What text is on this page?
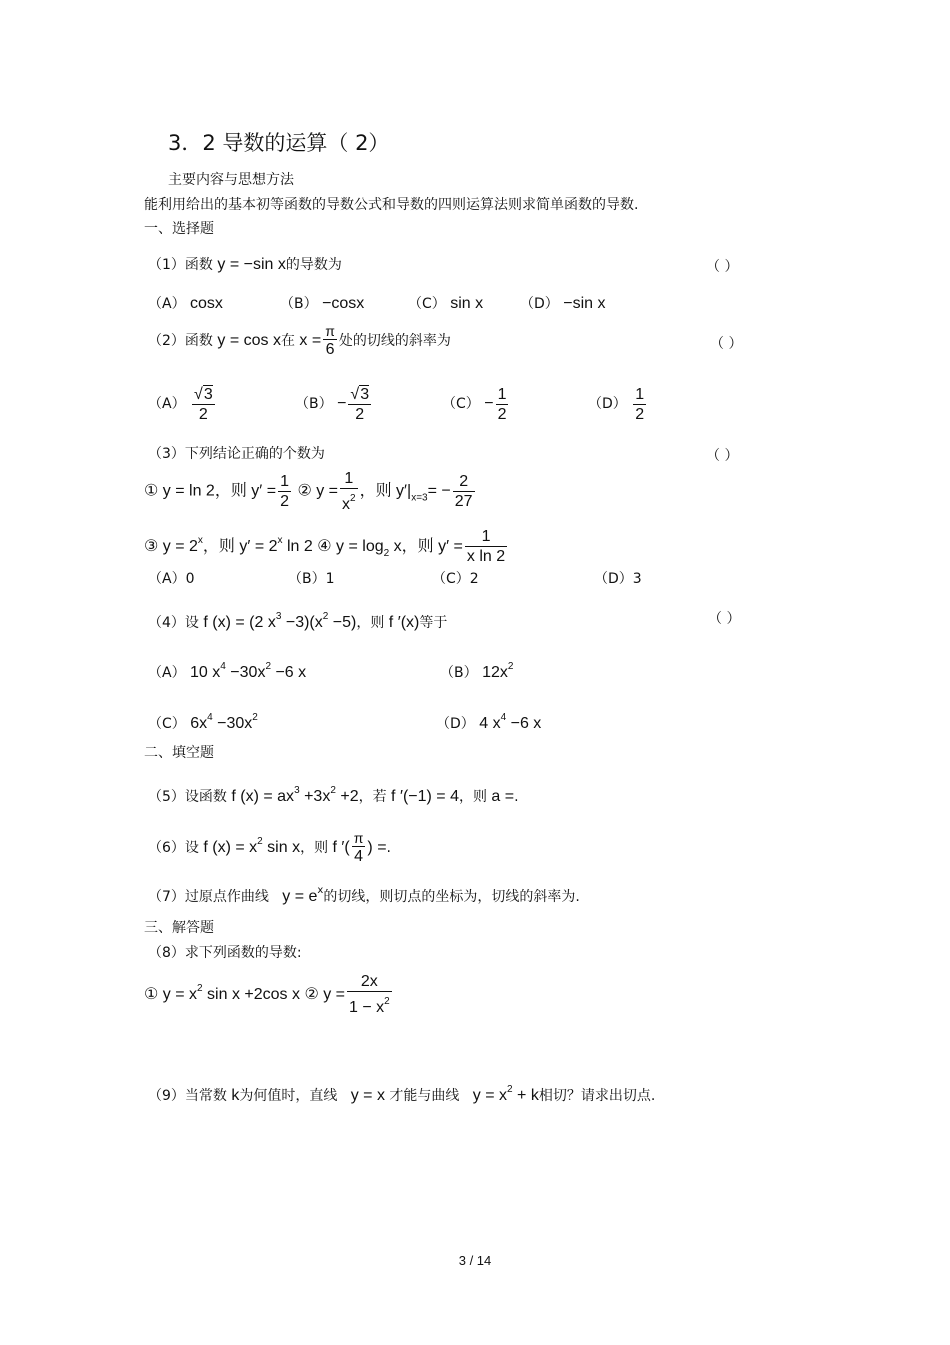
3．2 导数的运算（ 2）
主要内容与思想方法
能利用给出的基本初等函数的导数公式和导数的四则运算法则求简单函数的导数.
一、选择题
（1）函数 y = −sin x的导数为	（ ）
（A） cosx	（B） −cosx	（C） sin x	（D） −sin x
（2）函数 y = cos x在 $x = \frac{\pi}{6}$ 处的切线的斜率为	（ ）
$(A) \frac{√3}{2}$	$(B) - \frac{√3}{2}$	$(C) - \frac{1}{2}$	$(D) \frac{1}{2}$
（3）下列结论正确的个数为	（ ）
① y = ln 2，则 $y' = \frac{1}{2}$ ② $y = \frac{1}{x^2}$ ，则 $y'|_{x=3}= - \frac{2}{27}$
③ $y = 2^x$，则 $y' = 2^x$ ln 2 ④ $y = \log_2 x$，则 $y' = \frac{1}{\text{x ln 2}}$
（A）0	（B）1	（C）2	（D）3
（4）设 f (x) = (2 $x^3 -3)(x^2 -5)$，则 f ′(x)等于	（ ）
（A） 10 $x^4 -30x^2 -6$ x	（B） $12x^2$
（C） $6x^4 -30x^2$	（D） 4 $x^4 -6$ x
二、填空题
（5）设函数 f $(x) = ax^3 +3x^2 +2$，若 f ′(−1) = 4，则 a =.
（6）设 f $(x) = x^2$ sin x，则 f ′( $\frac{\pi}{4}$ ) =.
（7）过原点作曲线 $y = e^x$的切线，则切点的坐标为，切线的斜率为.
三、解答题
（8）求下列函数的导数:
① $y = x^2$ sin x +2cos x ② $y = \frac{2x}{1 - x^2}$
（9）当常数 k为何值时，直线 y = x 才能与曲线 $y = x^2 + k$相切？请求出切点.
3 / 14
